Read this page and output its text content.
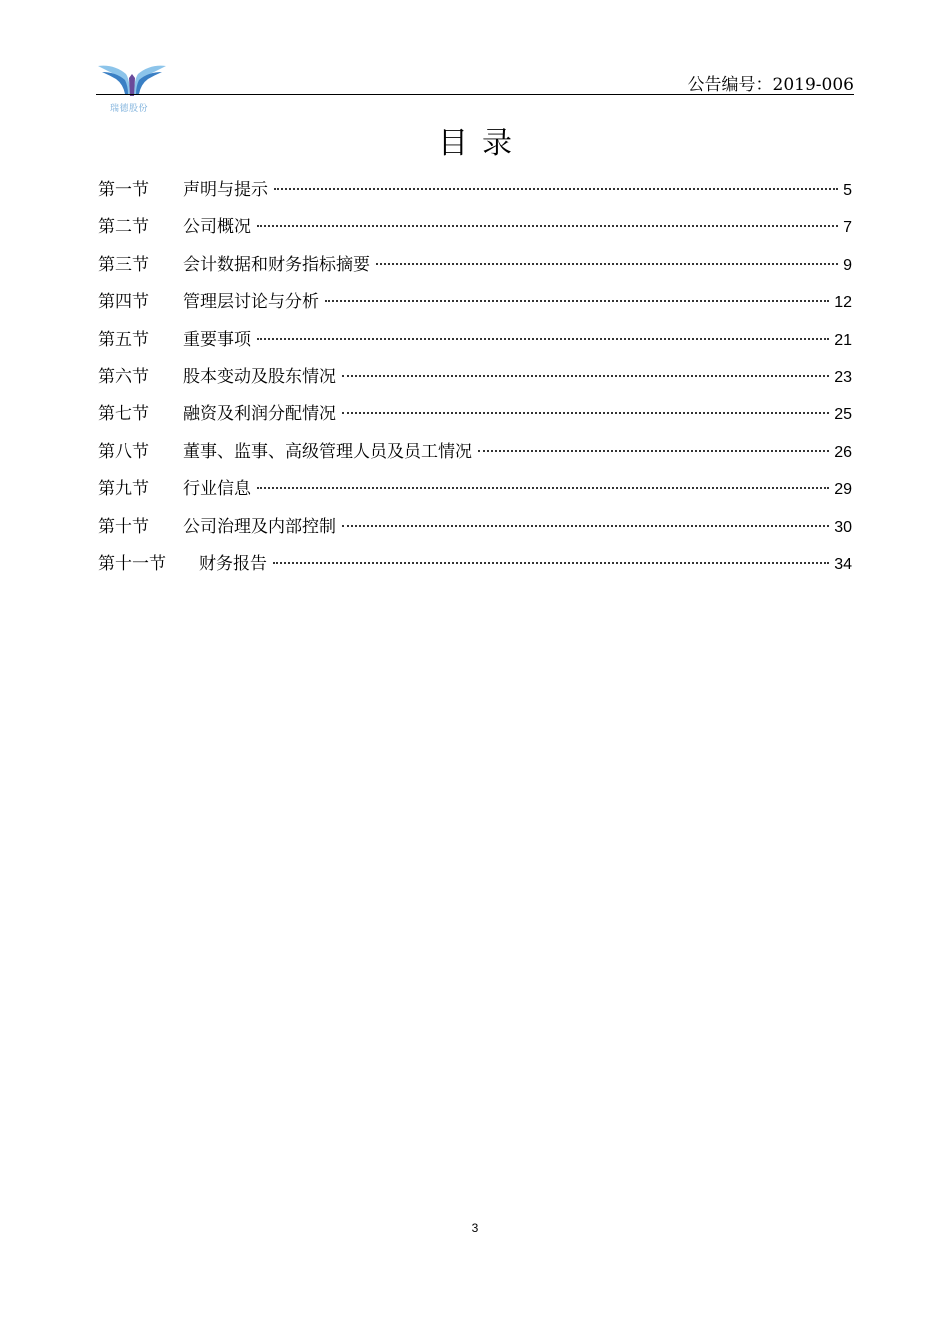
瑞德股份
公告编号：2019-006
目录
第一节	声明与提示	5
第二节	公司概况	7
第三节	会计数据和财务指标摘要	9
第四节	管理层讨论与分析	12
第五节	重要事项	21
第六节	股本变动及股东情况	23
第七节	融资及利润分配情况	25
第八节	董事、监事、高级管理人员及员工情况	26
第九节	行业信息	29
第十节	公司治理及内部控制	30
第十一节	财务报告	34
3
